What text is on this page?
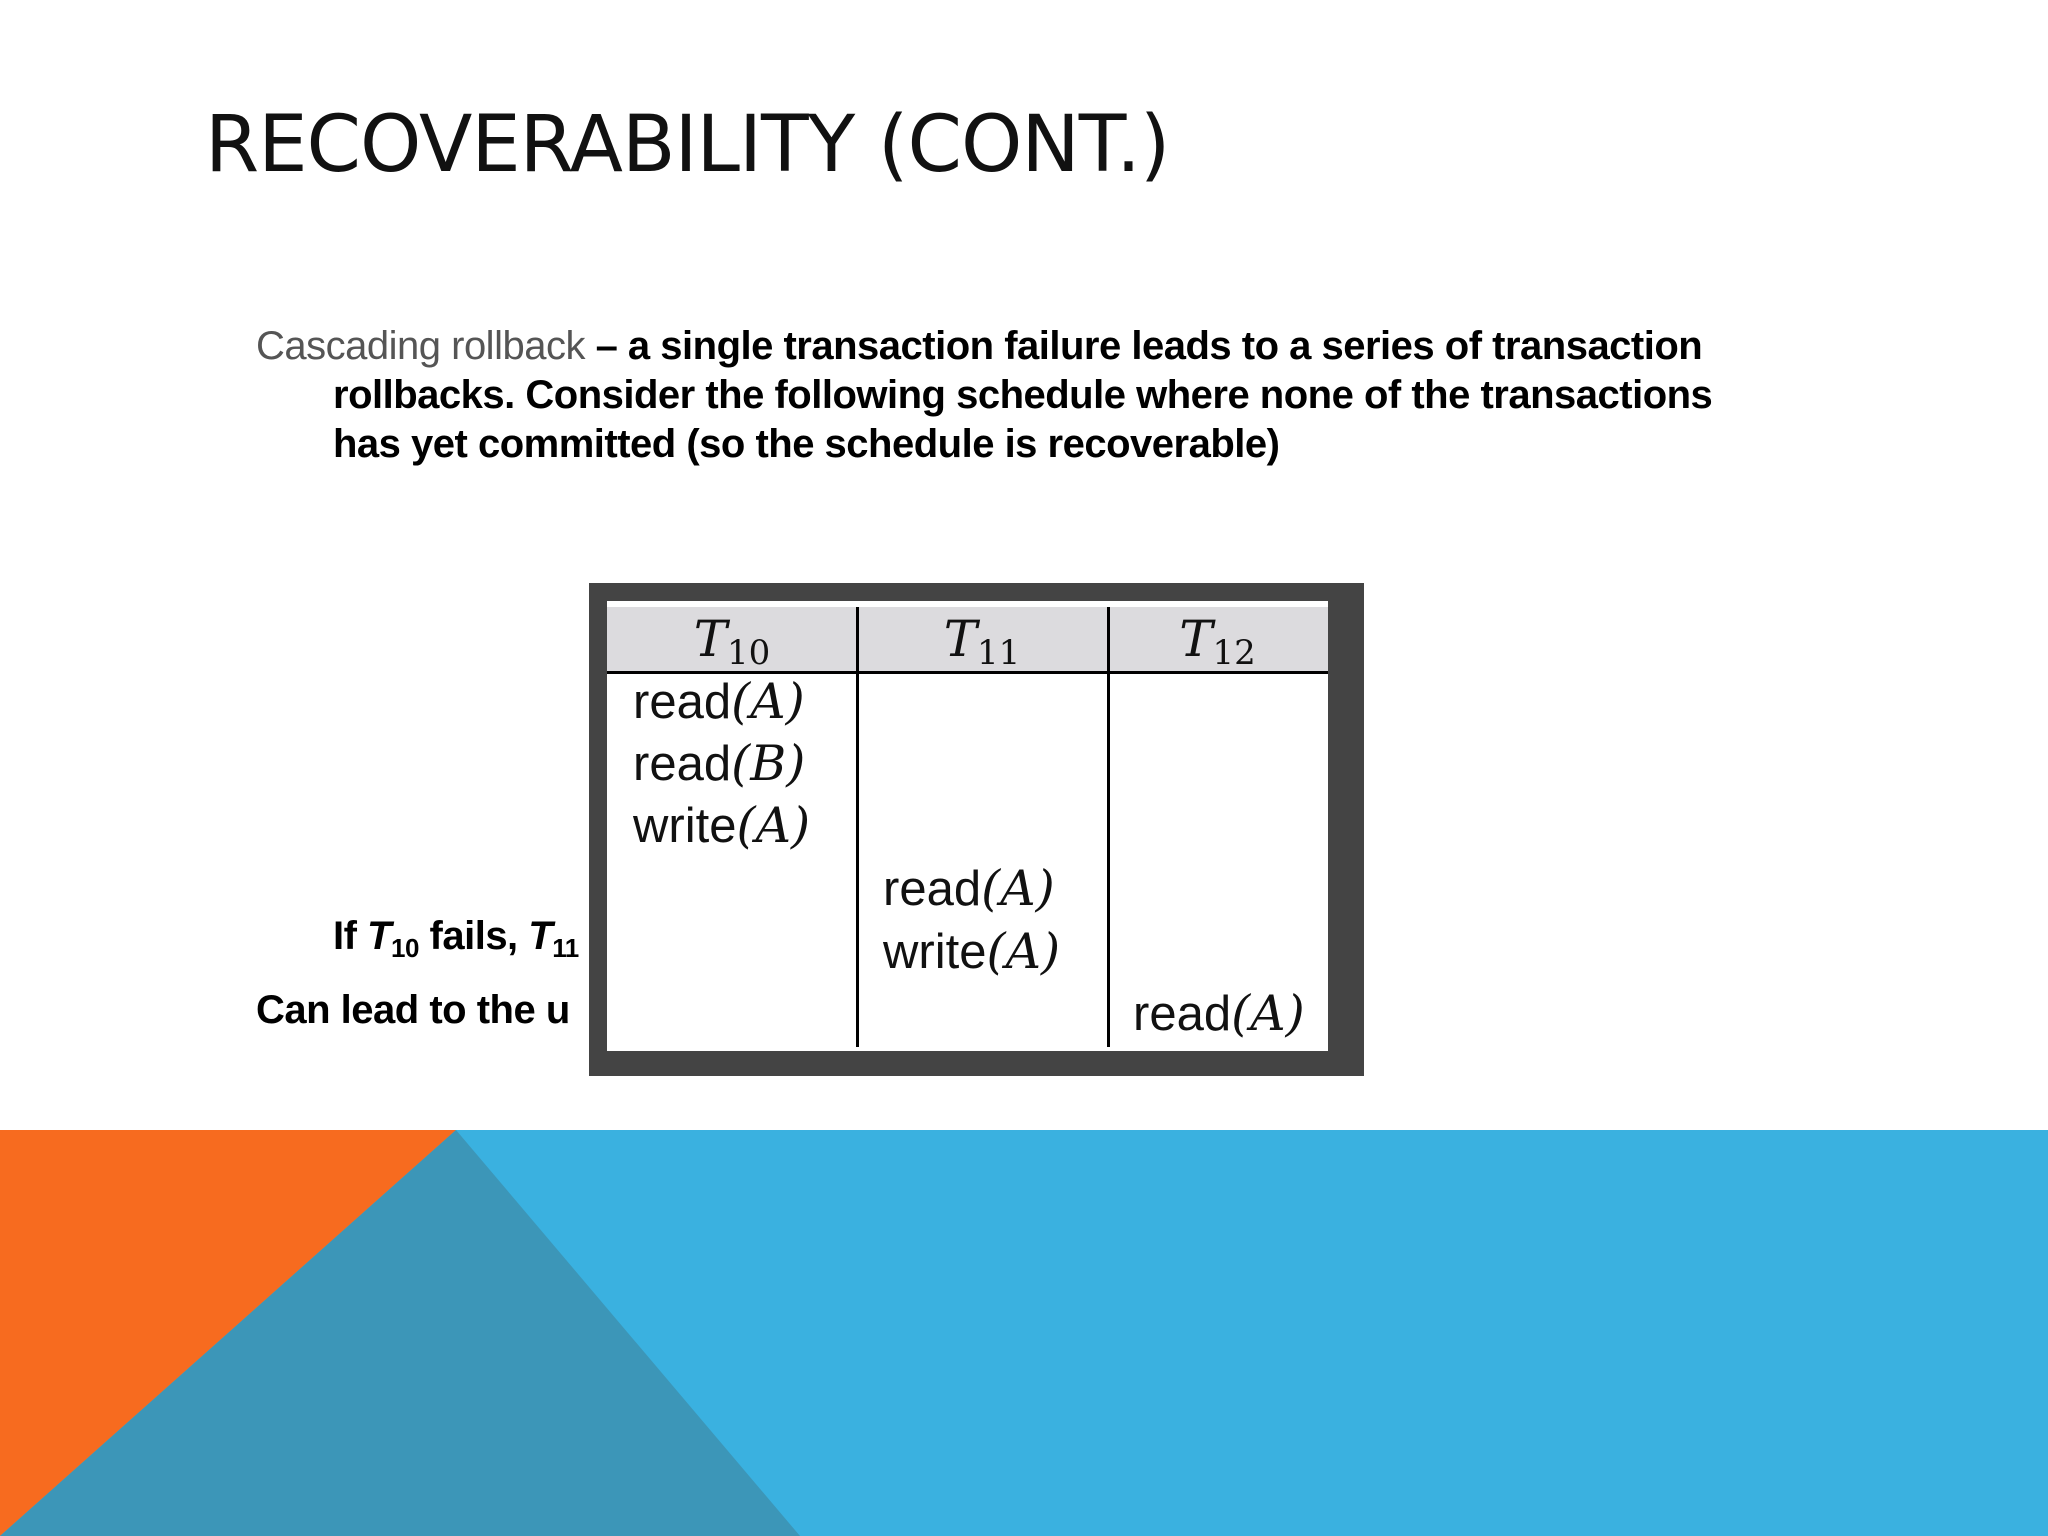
RECOVERABILITY (CONT.)
Cascading rollback – a single transaction failure leads to a series of transaction
rollbacks. Consider the following schedule where none of the transactions
has yet committed (so the schedule is recoverable)
If $T_{10}$ fails, $T_{11}$
Can lead to the u
$T_{10}$	$T_{11}$	$T_{12}$
read(A)
read(B)
write(A)
read(A)
write(A)
read(A)
